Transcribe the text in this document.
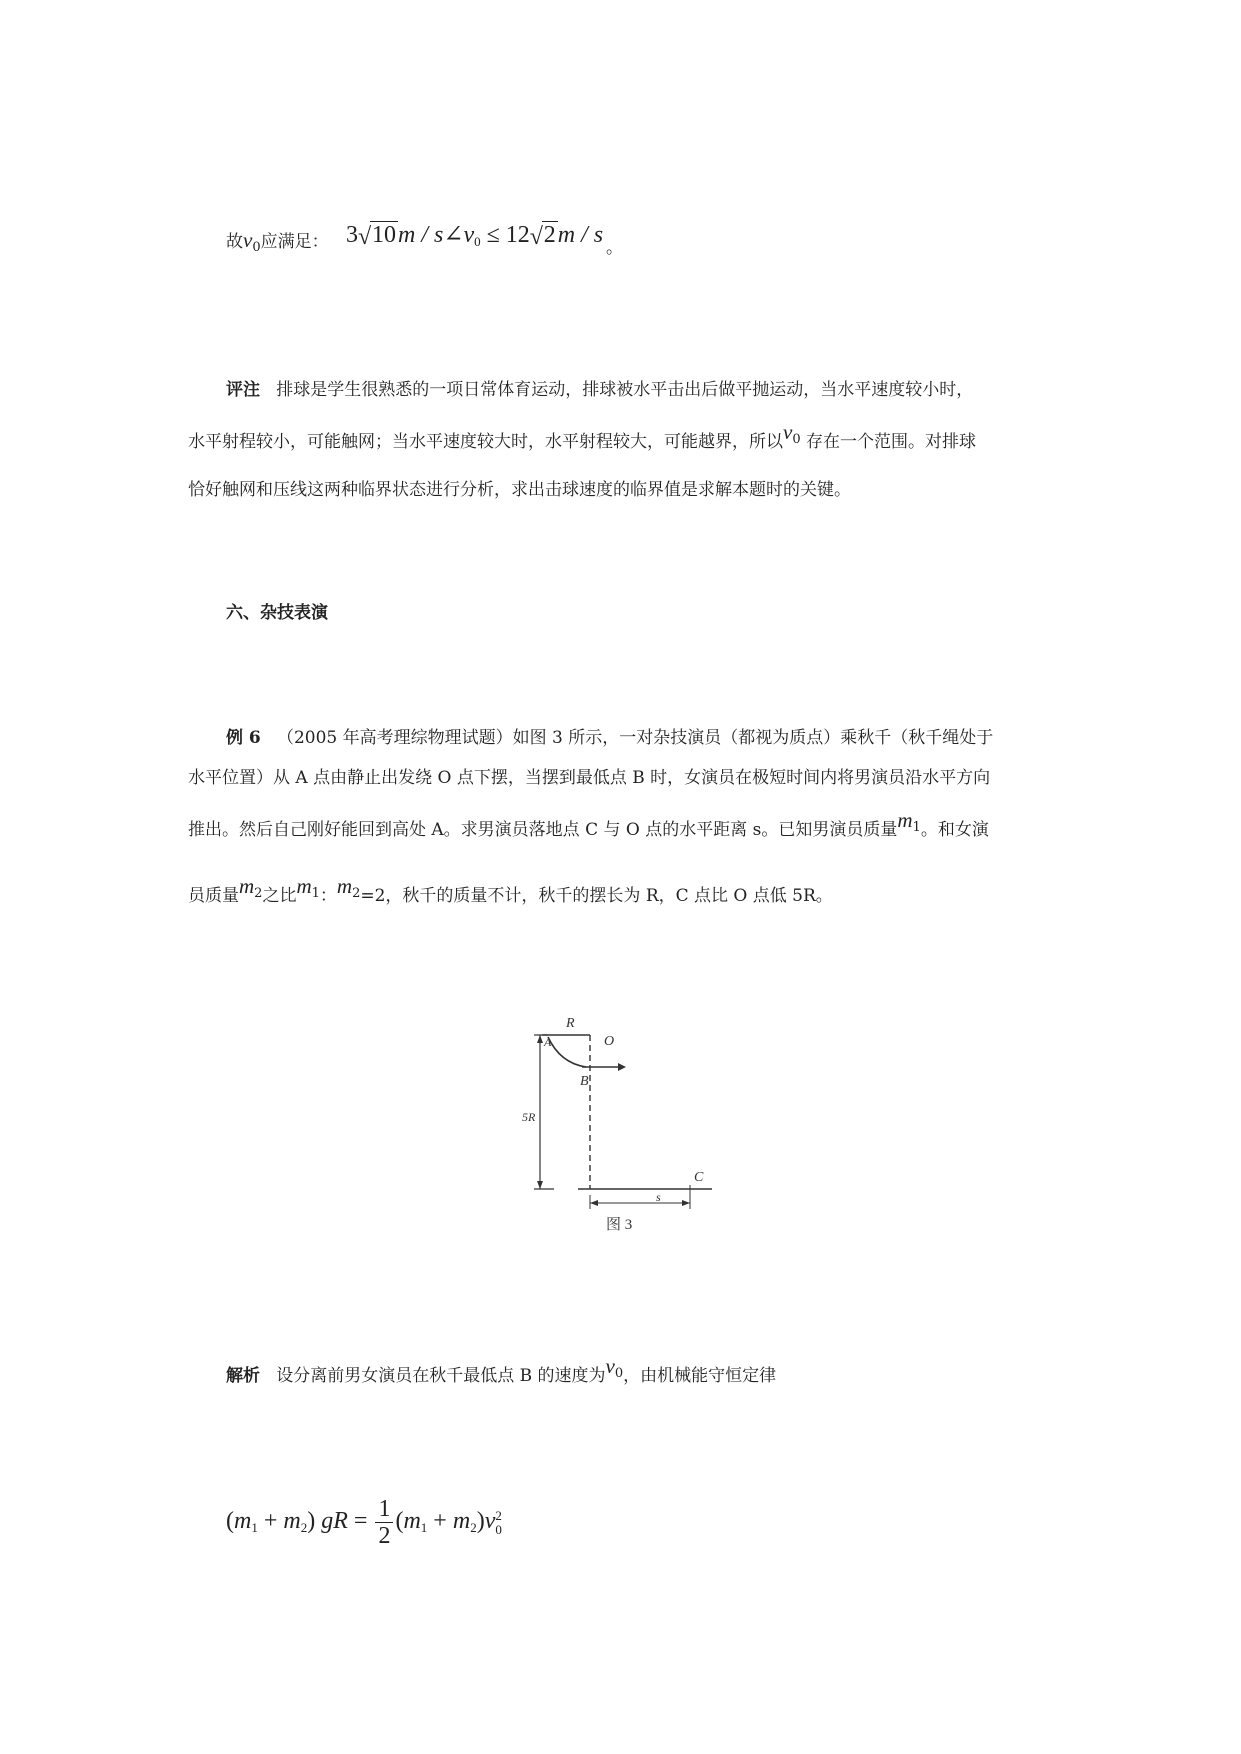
故$v_0$应满足： 3 √ 10m / s∠v0 ≤ 12 √ 2m / s 。
评注 排球是学生很熟悉的一项日常体育运动，排球被水平击出后做平抛运动，当水平速度较小时，
水平射程较小，可能触网；当水平速度较大时，水平射程较大，可能越界，所以$v^0$ 存在一个范围。对排球
恰好触网和压线这两种临界状态进行分析，求出击球速度的临界值是求解本题时的关键。
六、杂技表演
例 6 （2005 年高考理综物理试题）如图 3 所示，一对杂技演员（都视为质点）乘秋千（秋千绳处于
水平位置）从 A 点由静止出发绕 O 点下摆，当摆到最低点 B 时，女演员在极短时间内将男演员沿水平方向
推出。然后自己刚好能回到高处 A。求男演员落地点 C 与 O 点的水平距离 s。已知男演员质量$m^1$。和女演
员质量$m^2$之比$m^1$：$m^2=2$，秋千的质量不计，秋千的摆长为 R，C 点比 O 点低 5R。
R
A	O
B
5R
C
s
图 3
解析 设分离前男女演员在秋千最低点 B 的速度为$v^0$，由机械能守恒定律
(m1 + m2) gR = $\frac{1}{2} (m1 + m2)v$ 2
0
